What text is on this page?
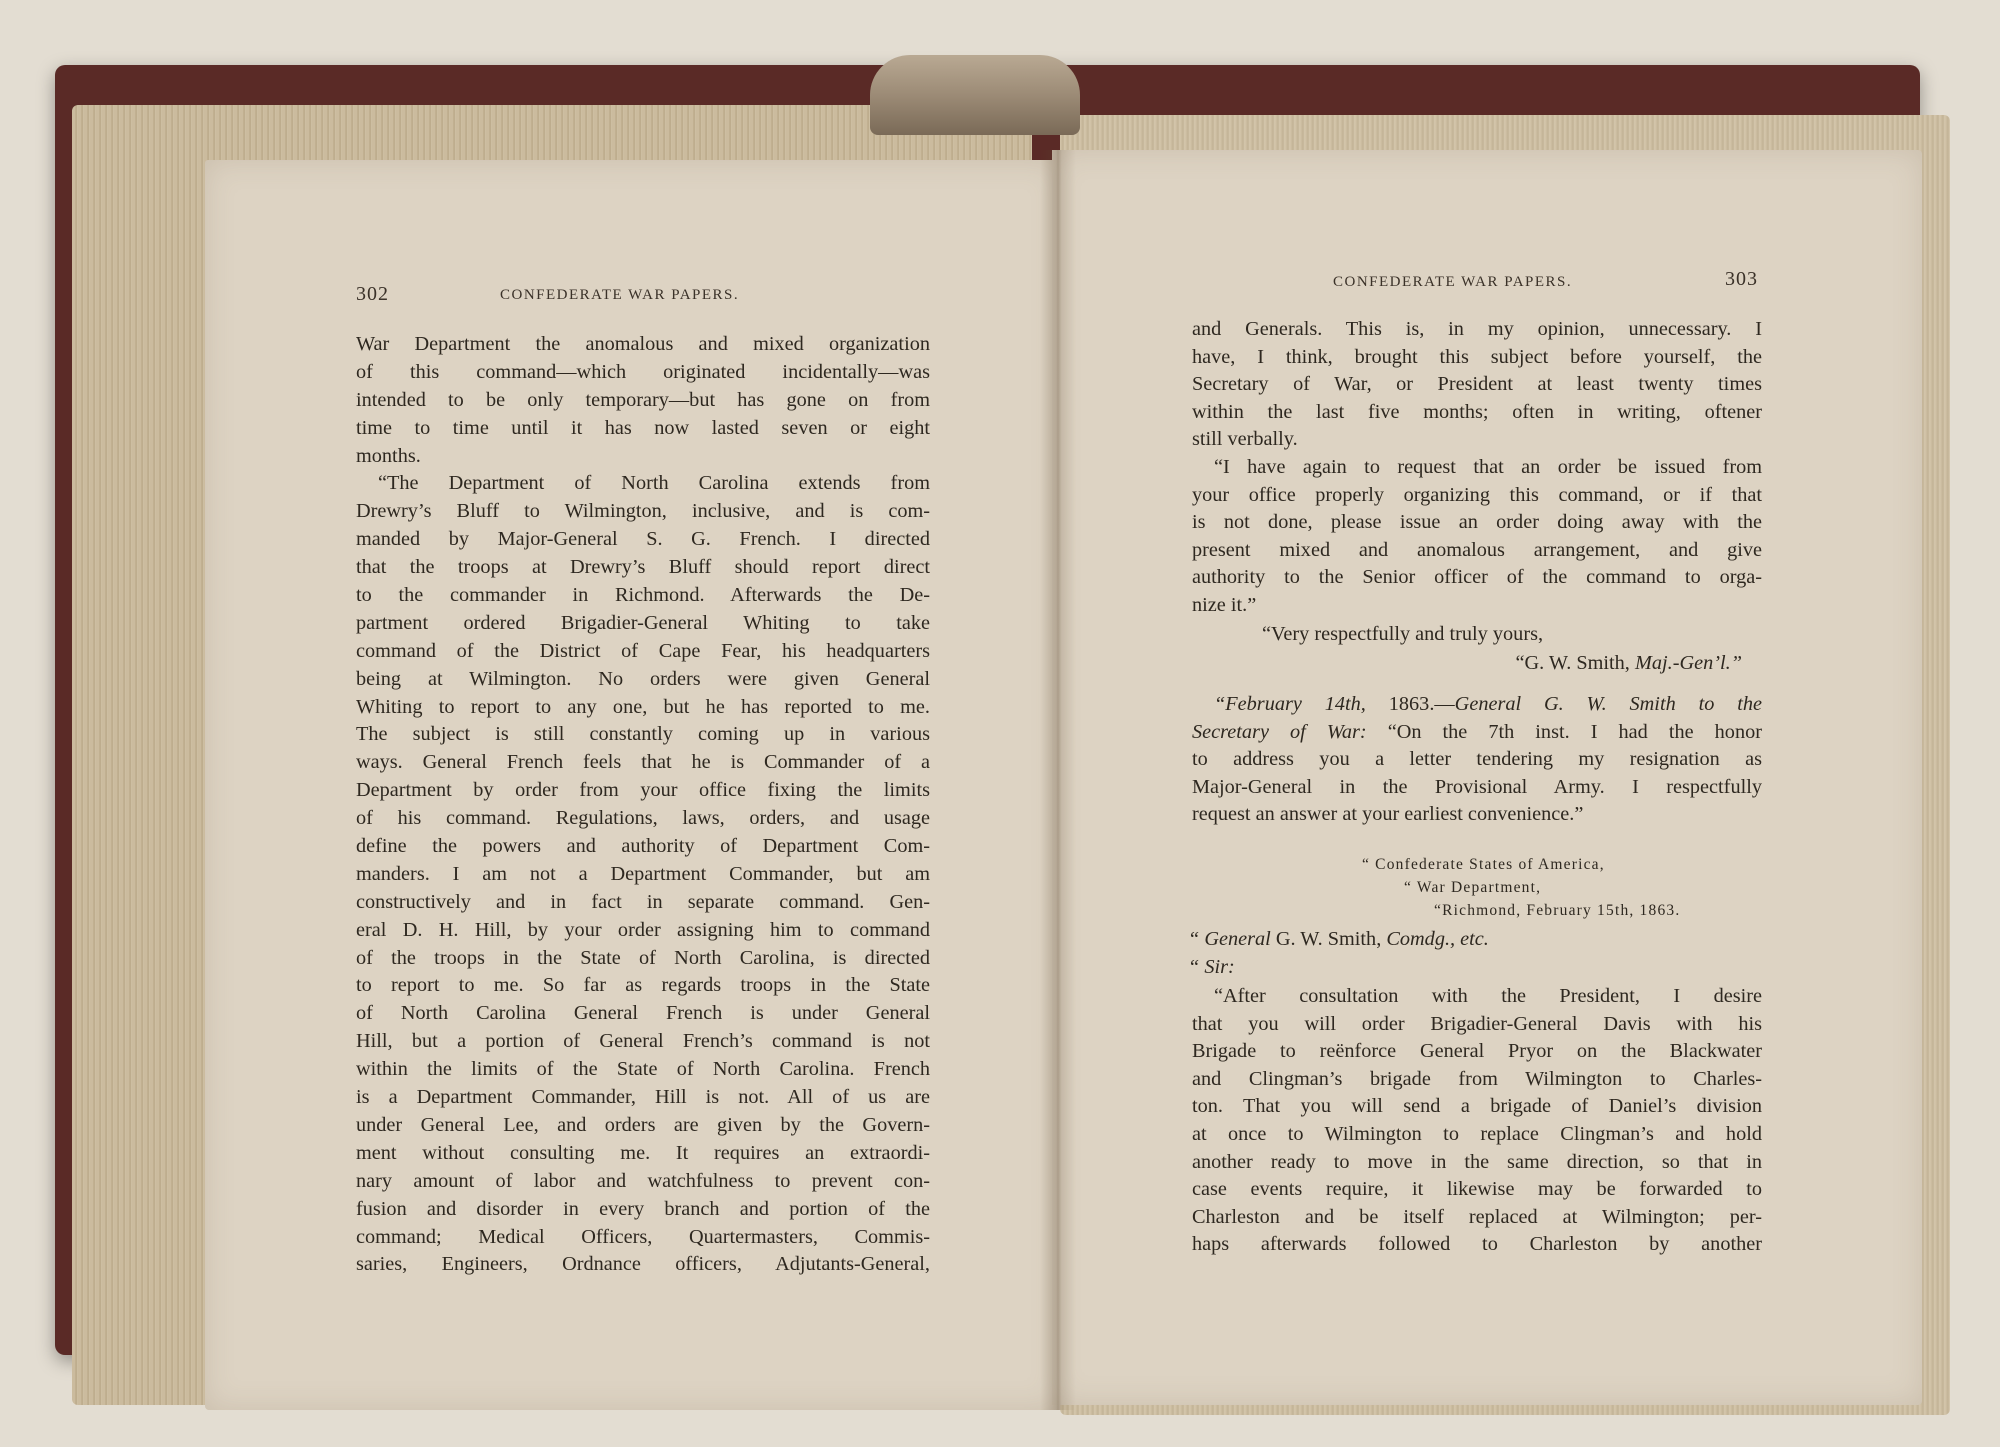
302	CONFEDERATE WAR PAPERS.
War Department the anomalous and mixed organization
of this command—which originated incidentally—was
intended to be only temporary—but has gone on from
time to time until it has now lasted seven or eight
months.
“The Department of North Carolina extends from
Drewry’s Bluff to Wilmington, inclusive, and is com-
manded by Major-General S. G. French. I directed
that the troops at Drewry’s Bluff should report direct
to the commander in Richmond. Afterwards the De-
partment ordered Brigadier-General Whiting to take
command of the District of Cape Fear, his headquarters
being at Wilmington. No orders were given General
Whiting to report to any one, but he has reported to me.
The subject is still constantly coming up in various
ways. General French feels that he is Commander of a
Department by order from your office fixing the limits
of his command. Regulations, laws, orders, and usage
define the powers and authority of Department Com-
manders. I am not a Department Commander, but am
constructively and in fact in separate command. Gen-
eral D. H. Hill, by your order assigning him to command
of the troops in the State of North Carolina, is directed
to report to me. So far as regards troops in the State
of North Carolina General French is under General
Hill, but a portion of General French’s command is not
within the limits of the State of North Carolina. French
is a Department Commander, Hill is not. All of us are
under General Lee, and orders are given by the Govern-
ment without consulting me. It requires an extraordi-
nary amount of labor and watchfulness to prevent con-
fusion and disorder in every branch and portion of the
command; Medical Officers, Quartermasters, Commis-
saries, Engineers, Ordnance officers, Adjutants-General,
CONFEDERATE WAR PAPERS.	303
and Generals. This is, in my opinion, unnecessary. I
have, I think, brought this subject before yourself, the
Secretary of War, or President at least twenty times
within the last five months; often in writing, oftener
still verbally.
“I have again to request that an order be issued from
your office properly organizing this command, or if that
is not done, please issue an order doing away with the
present mixed and anomalous arrangement, and give
authority to the Senior officer of the command to orga-
nize it.”
“Very respectfully and truly yours,
“G. W. Smith, Maj.-Gen’l.”
“February 14th, 1863.—General G. W. Smith to the
Secretary of War: “On the 7th inst. I had the honor
to address you a letter tendering my resignation as
Major-General in the Provisional Army. I respectfully
request an answer at your earliest convenience.”
“ Confederate States of America,
“ War Department,
“Richmond, February 15th, 1863.
“ General G. W. Smith, Comdg., etc.
“ Sir:
“After consultation with the President, I desire
that you will order Brigadier-General Davis with his
Brigade to reënforce General Pryor on the Blackwater
and Clingman’s brigade from Wilmington to Charles-
ton. That you will send a brigade of Daniel’s division
at once to Wilmington to replace Clingman’s and hold
another ready to move in the same direction, so that in
case events require, it likewise may be forwarded to
Charleston and be itself replaced at Wilmington; per-
haps afterwards followed to Charleston by another
